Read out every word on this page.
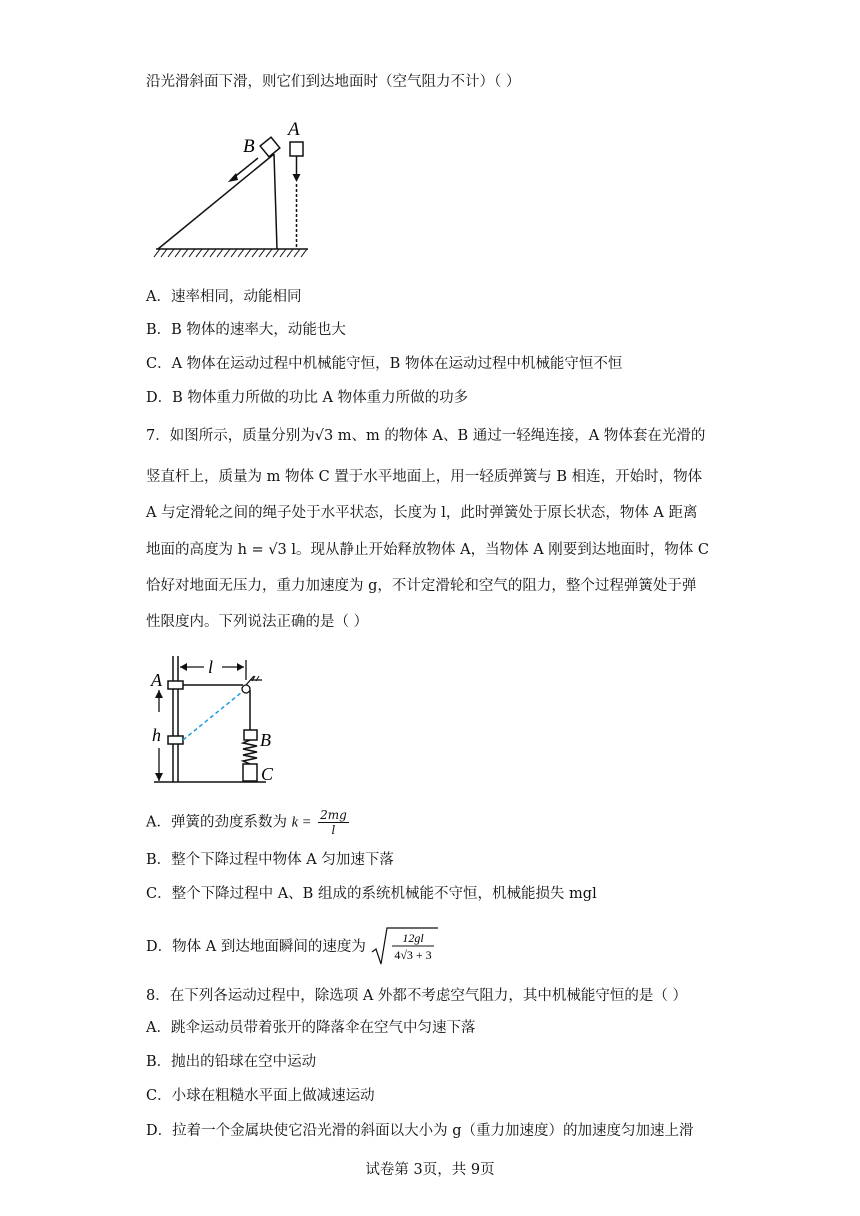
沿光滑斜面下滑，则它们到达地面时（空气阻力不计）（ ）
B
A
A．速率相同，动能相同
B．B 物体的速率大，动能也大
C．A 物体在运动过程中机械能守恒，B 物体在运动过程中机械能守恒不恒
D．B 物体重力所做的功比 A 物体重力所做的功多
7．如图所示，质量分别为√3 m、m 的物体 A、B 通过一轻绳连接，A 物体套在光滑的
竖直杆上，质量为 m 物体 C 置于水平地面上，用一轻质弹簧与 B 相连，开始时，物体
A 与定滑轮之间的绳子处于水平状态，长度为 l，此时弹簧处于原长状态，物体 A 距离
地面的高度为 h = √3 l。现从静止开始释放物体 A，当物体 A 刚要到达地面时，物体 C
恰好对地面无压力，重力加速度为 g，不计定滑轮和空气的阻力，整个过程弹簧处于弹
性限度内。下列说法正确的是（ ）
A
l
h	B
C
A．弹簧的劲度系数为 $k = \frac{2mg}{l}$
B．整个下降过程中物体 A 匀加速下落
C．整个下降过程中 A、B 组成的系统机械能不守恒，机械能损失 mgl
D．物体 A 到达地面瞬间的速度为
12gl
4√3 + 3
8．在下列各运动过程中，除选项 A 外都不考虑空气阻力，其中机械能守恒的是（ ）
A．跳伞运动员带着张开的降落伞在空气中匀速下落
B．抛出的铅球在空中运动
C．小球在粗糙水平面上做减速运动
D．拉着一个金属块使它沿光滑的斜面以大小为 g（重力加速度）的加速度匀加速上滑
试卷第 3页，共 9页
